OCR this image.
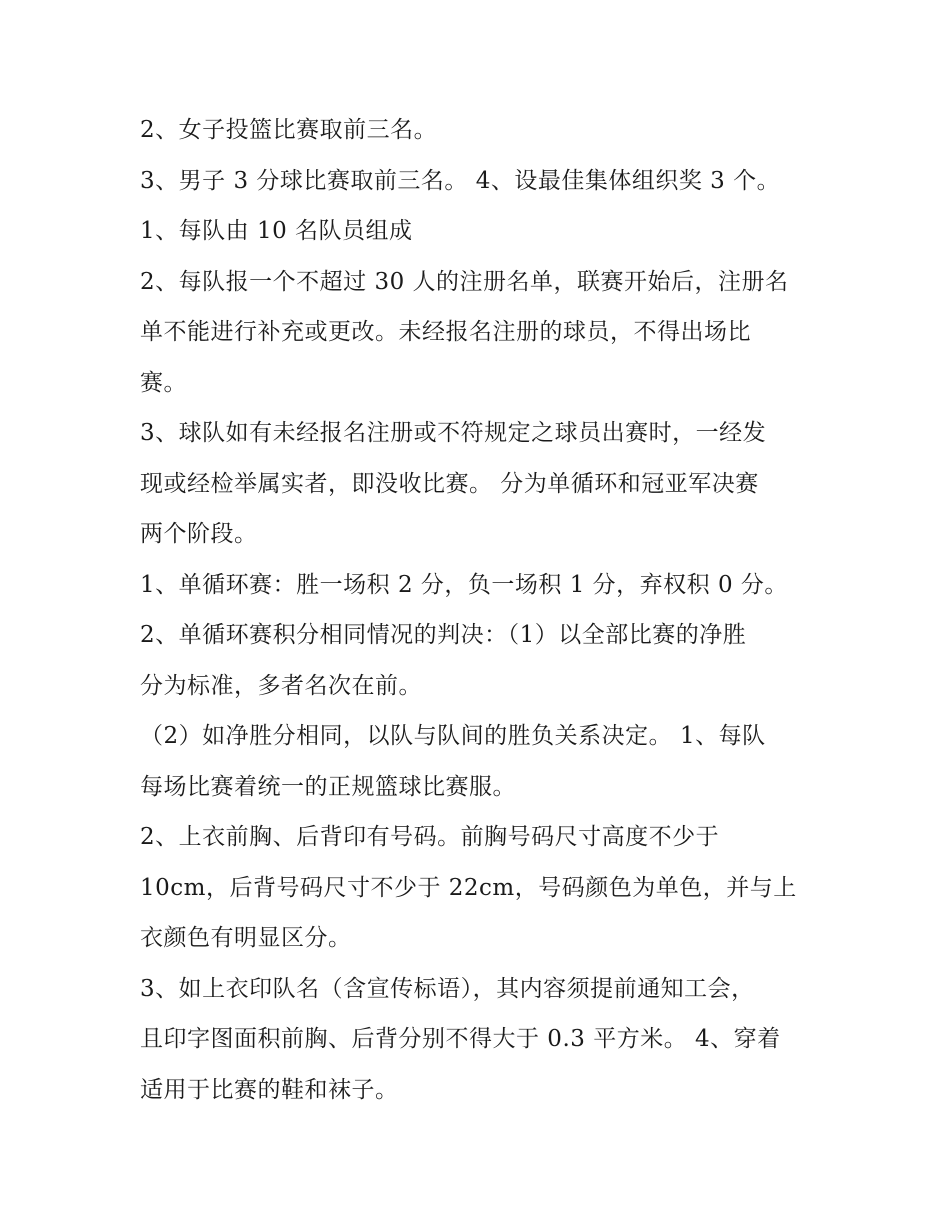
2、女子投篮比赛取前三名。
3、男子 3 分球比赛取前三名。 4、设最佳集体组织奖 3 个。
1、每队由 10 名队员组成
2、每队报一个不超过 30 人的注册名单，联赛开始后，注册名
单不能进行补充或更改。未经报名注册的球员，不得出场比
赛。
3、球队如有未经报名注册或不符规定之球员出赛时，一经发
现或经检举属实者，即没收比赛。 分为单循环和冠亚军决赛
两个阶段。
1、单循环赛：胜一场积 2 分，负一场积 1 分，弃权积 0 分。
2、单循环赛积分相同情况的判决：（1）以全部比赛的净胜
分为标准，多者名次在前。
（2）如净胜分相同，以队与队间的胜负关系决定。 1、每队
每场比赛着统一的正规篮球比赛服。
2、上衣前胸、后背印有号码。前胸号码尺寸高度不少于
10cm，后背号码尺寸不少于 22cm，号码颜色为单色，并与上
衣颜色有明显区分。
3、如上衣印队名（含宣传标语），其内容须提前通知工会，
且印字图面积前胸、后背分别不得大于 0.3 平方米。 4、穿着
适用于比赛的鞋和袜子。
